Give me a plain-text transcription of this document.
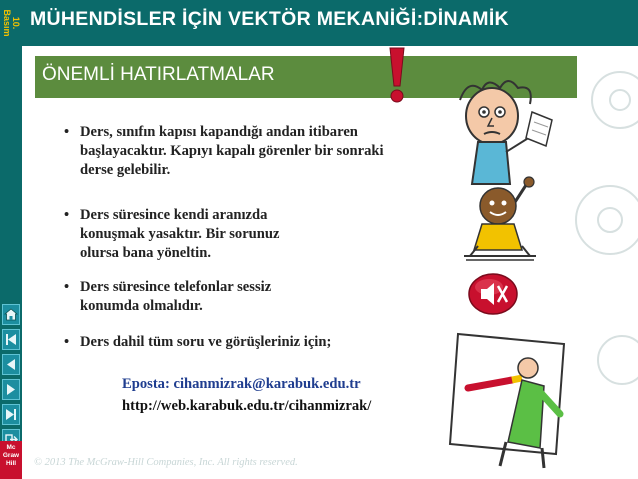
10. Basım MÜHENDİSLER İÇİN VEKTÖR MEKANİĞİ:DİNAMİK
Mc Graw Hill
ÖNEMLİ HATIRLATMALAR
• Ders, sınıfın kapısı kapandığı andan itibaren
başlayacaktır. Kapıyı kapalı görenler bir sonraki
derse gelebilir.
• Ders süresince kendi aranızda
konuşmak yasaktır. Bir sorunuz
olursa bana yöneltin.
• Ders süresince telefonlar sessiz
konumda olmalıdır.
• Ders dahil tüm soru ve görüşleriniz için;
Eposta: cihanmizrak@karabuk.edu.tr
http://web.karabuk.edu.tr/cihanmizrak/
© 2013 The McGraw-Hill Companies, Inc. All rights reserved.
